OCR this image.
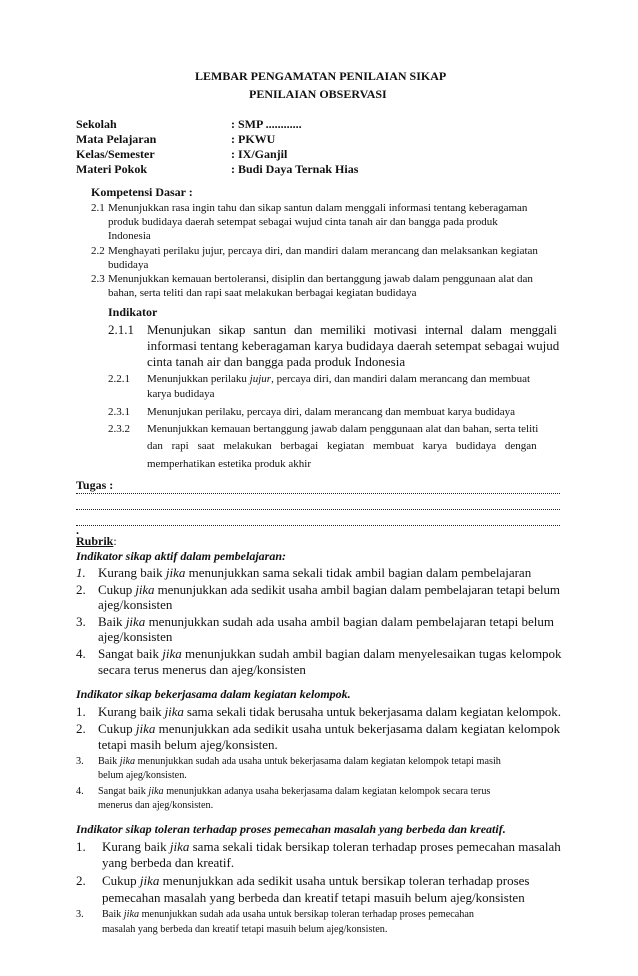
LEMBAR PENGAMATAN PENILAIAN SIKAP
PENILAIAN OBSERVASI
Sekolah	: SMP ............
Mata Pelajaran	: PKWU
Kelas/Semester	: IX/Ganjil
Materi Pokok	: Budi Daya Ternak Hias
Kompetensi Dasar :
2.1 Menunjukkan rasa ingin tahu dan sikap santun dalam menggali informasi tentang keberagaman
produk budidaya daerah setempat sebagai wujud cinta tanah air dan bangga pada produk
Indonesia
2.2 Menghayati perilaku jujur, percaya diri, dan mandiri dalam merancang dan melaksankan kegiatan
budidaya
2.3 Menunjukkan kemauan bertoleransi, disiplin dan bertanggung jawab dalam penggunaan alat dan
bahan, serta teliti dan rapi saat melakukan berbagai kegiatan budidaya
Indikator
2.1.1 Menunjukan sikap santun dan memiliki motivasi internal dalam menggali
informasi tentang keberagaman karya budidaya daerah setempat sebagai wujud
cinta tanah air dan bangga pada produk Indonesia
2.2.1 Menunjukkan perilaku jujur, percaya diri, dan mandiri dalam merancang dan membuat
karya budidaya
2.3.1 Menunjukan perilaku, percaya diri, dalam merancang dan membuat karya budidaya
2.3.2 Menunjukkan kemauan bertanggung jawab dalam penggunaan alat dan bahan, serta teliti
dan rapi saat melakukan berbagai kegiatan membuat karya budidaya dengan
memperhatikan estetika produk akhir
Tugas :
.
Rubrik:
Indikator sikap aktif dalam pembelajaran:
1. Kurang baik jika menunjukkan sama sekali tidak ambil bagian dalam pembelajaran
2. Cukup jika menunjukkan ada sedikit usaha ambil bagian dalam pembelajaran tetapi belum
ajeg/konsisten
3. Baik jika menunjukkan sudah ada usaha ambil bagian dalam pembelajaran tetapi belum
ajeg/konsisten
4. Sangat baik jika menunjukkan sudah ambil bagian dalam menyelesaikan tugas kelompok
secara terus menerus dan ajeg/konsisten
Indikator sikap bekerjasama dalam kegiatan kelompok.
1. Kurang baik jika sama sekali tidak berusaha untuk bekerjasama dalam kegiatan kelompok.
2. Cukup jika menunjukkan ada sedikit usaha untuk bekerjasama dalam kegiatan kelompok
tetapi masih belum ajeg/konsisten.
3. Baik jika menunjukkan sudah ada usaha untuk bekerjasama dalam kegiatan kelompok tetapi masih
belum ajeg/konsisten.
4. Sangat baik jika menunjukkan adanya usaha bekerjasama dalam kegiatan kelompok secara terus
menerus dan ajeg/konsisten.
Indikator sikap toleran terhadap proses pemecahan masalah yang berbeda dan kreatif.
1. Kurang baik jika sama sekali tidak bersikap toleran terhadap proses pemecahan masalah
yang berbeda dan kreatif.
2. Cukup jika menunjukkan ada sedikit usaha untuk bersikap toleran terhadap proses
pemecahan masalah yang berbeda dan kreatif tetapi masuih belum ajeg/konsisten
3. Baik jika menunjukkan sudah ada usaha untuk bersikap toleran terhadap proses pemecahan
masalah yang berbeda dan kreatif tetapi masuih belum ajeg/konsisten.
